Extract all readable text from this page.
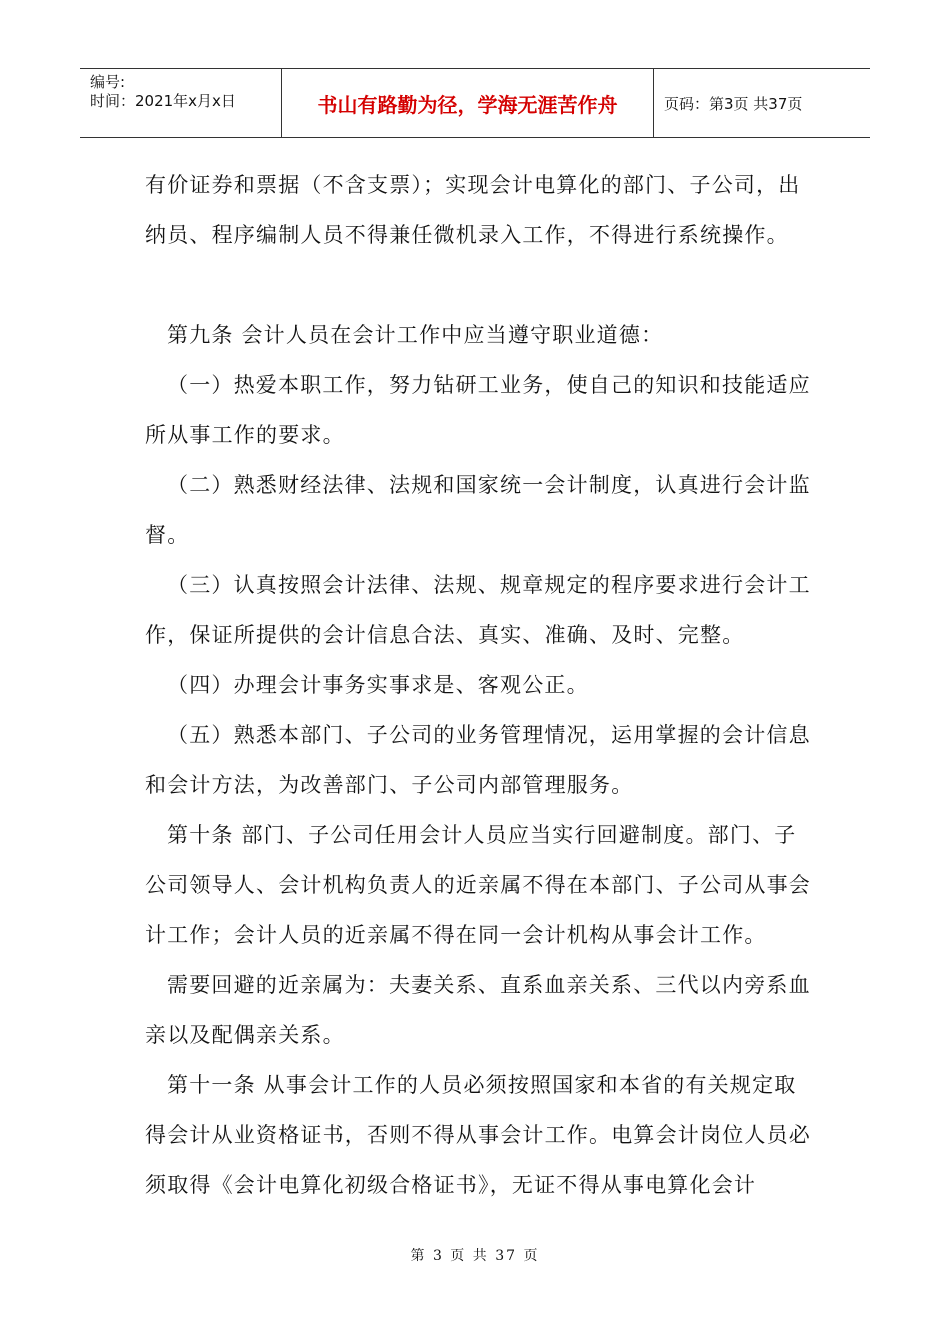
编号:
时间：2021年x月x日	书山有路勤为径，学海无涯苦作舟	页码：第3页 共37页

有价证券和票据（不含支票）；实现会计电算化的部门、子公司，出纳员、程序编制人员不得兼任微机录入工作，不得进行系统操作。

第九条 会计人员在会计工作中应当遵守职业道德：

（一）热爱本职工作，努力钻研工业务，使自己的知识和技能适应所从事工作的要求。

（二）熟悉财经法律、法规和国家统一会计制度，认真进行会计监督。

（三）认真按照会计法律、法规、规章规定的程序要求进行会计工作，保证所提供的会计信息合法、真实、准确、及时、完整。

（四）办理会计事务实事求是、客观公正。

（五）熟悉本部门、子公司的业务管理情况，运用掌握的会计信息和会计方法，为改善部门、子公司内部管理服务。

第十条 部门、子公司任用会计人员应当实行回避制度。部门、子公司领导人、会计机构负责人的近亲属不得在本部门、子公司从事会计工作；会计人员的近亲属不得在同一会计机构从事会计工作。

需要回避的近亲属为：夫妻关系、直系血亲关系、三代以内旁系血亲以及配偶亲关系。

第十一条 从事会计工作的人员必须按照国家和本省的有关规定取得会计从业资格证书，否则不得从事会计工作。电算会计岗位人员必须取得《会计电算化初级合格证书》，无证不得从事电算化会计

第 3 页 共 37 页
